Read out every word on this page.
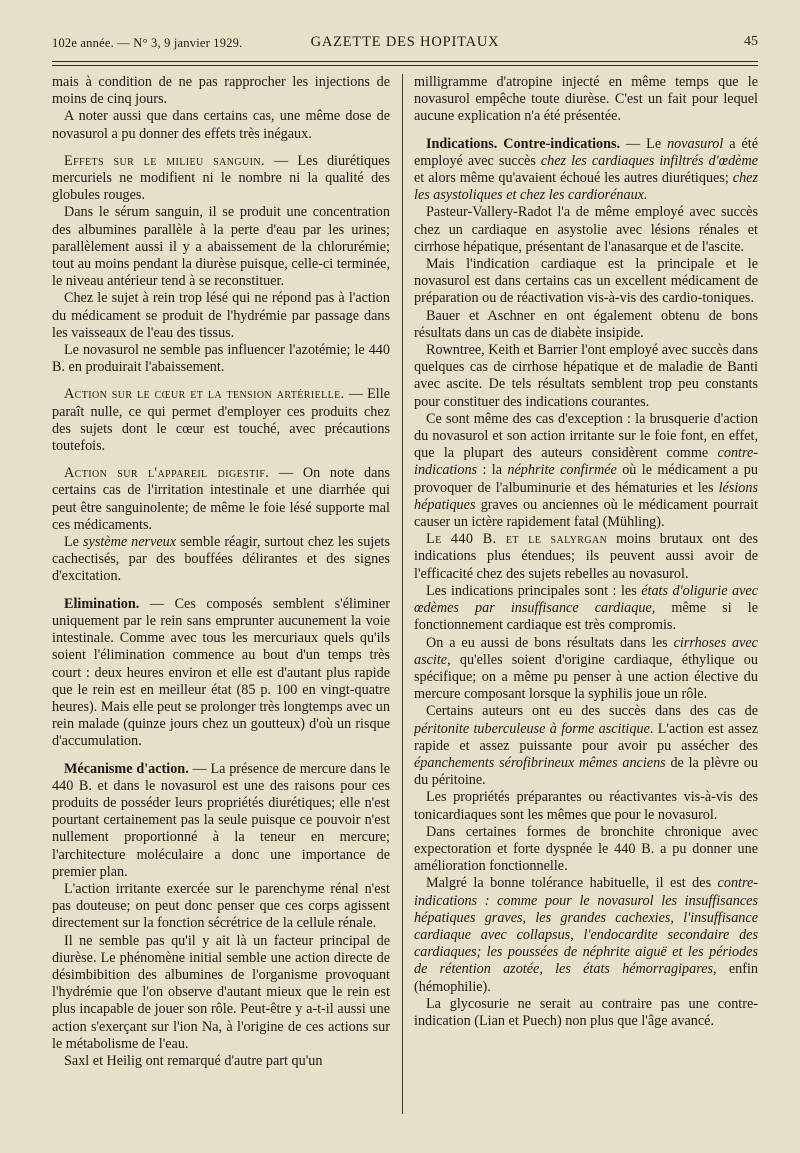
102e année. — N° 3, 9 janvier 1929.	GAZETTE DES HOPITAUX	45

mais à condition de ne pas rapprocher les injections de moins de cinq jours.

A noter aussi que dans certains cas, une même dose de novasurol a pu donner des effets très inégaux.

Effets sur le milieu sanguin. — Les diurétiques mercuriels ne modifient ni le nombre ni la qualité des globules rouges.

Dans le sérum sanguin, il se produit une concentration des albumines parallèle à la perte d'eau par les urines; parallèlement aussi il y a abaissement de la chlorurémie; tout au moins pendant la diurèse puisque, celle-ci terminée, le niveau antérieur tend à se reconstituer.

Chez le sujet à rein trop lésé qui ne répond pas à l'action du médicament se produit de l'hydrémie par passage dans les vaisseaux de l'eau des tissus.

Le novasurol ne semble pas influencer l'azotémie; le 440 B. en produirait l'abaissement.

Action sur le cœur et la tension artérielle. — Elle paraît nulle, ce qui permet d'employer ces produits chez des sujets dont le cœur est touché, avec précautions toutefois.

Action sur l'appareil digestif. — On note dans certains cas de l'irritation intestinale et une diarrhée qui peut être sanguinolente; de même le foie lésé supporte mal ces médicaments.

Le système nerveux semble réagir, surtout chez les sujets cachectisés, par des bouffées délirantes et des signes d'excitation.

Elimination. — Ces composés semblent s'éliminer uniquement par le rein sans emprunter aucunement la voie intestinale. Comme avec tous les mercuriaux quels qu'ils soient l'élimination commence au bout d'un temps très court : deux heures environ et elle est d'autant plus rapide que le rein est en meilleur état (85 p. 100 en vingt-quatre heures). Mais elle peut se prolonger très longtemps avec un rein malade (quinze jours chez un goutteux) d'où un risque d'accumulation.

Mécanisme d'action. — La présence de mercure dans le 440 B. et dans le novasurol est une des raisons pour ces produits de posséder leurs propriétés diurétiques; elle n'est pourtant certainement pas la seule puisque ce pouvoir n'est nullement proportionné à la teneur en mercure; l'architecture moléculaire a donc une importance de premier plan.

L'action irritante exercée sur le parenchyme rénal n'est pas douteuse; on peut donc penser que ces corps agissent directement sur la fonction sécrétrice de la cellule rénale.

Il ne semble pas qu'il y ait là un facteur principal de diurèse. Le phénomène initial semble une action directe de désimbibition des albumines de l'organisme provoquant l'hydrémie que l'on observe d'autant mieux que le rein est plus incapable de jouer son rôle. Peut-être y a-t-il aussi une action s'exerçant sur l'ion Na, à l'origine de ces actions sur le métabolisme de l'eau.

Saxl et Heilig ont remarqué d'autre part qu'un

milligramme d'atropine injecté en même temps que le novasurol empêche toute diurèse. C'est un fait pour lequel aucune explication n'a été présentée.

Indications. Contre-indications. — Le novasurol a été employé avec succès chez les cardiaques infiltrés d'œdème et alors même qu'avaient échoué les autres diurétiques; chez les asystoliques et chez les cardiorénaux.

Pasteur-Vallery-Radot l'a de même employé avec succès chez un cardiaque en asystolie avec lésions rénales et cirrhose hépatique, présentant de l'anasarque et de l'ascite.

Mais l'indication cardiaque est la principale et le novasurol est dans certains cas un excellent médicament de préparation ou de réactivation vis-à-vis des cardio-toniques.

Bauer et Aschner en ont également obtenu de bons résultats dans un cas de diabète insipide.

Rowntree, Keith et Barrier l'ont employé avec succès dans quelques cas de cirrhose hépatique et de maladie de Banti avec ascite. De tels résultats semblent trop peu constants pour constituer des indications courantes.

Ce sont même des cas d'exception : la brusquerie d'action du novasurol et son action irritante sur le foie font, en effet, que la plupart des auteurs considèrent comme contre-indications : la néphrite confirmée où le médicament a pu provoquer de l'albuminurie et des hématuries et les lésions hépatiques graves ou anciennes où le médicament pourrait causer un ictère rapidement fatal (Mühling).

Le 440 B. et le salyrgan moins brutaux ont des indications plus étendues; ils peuvent aussi avoir de l'efficacité chez des sujets rebelles au novasurol.

Les indications principales sont : les états d'oligurie avec œdèmes par insuffisance cardiaque, même si le fonctionnement cardiaque est très compromis.

On a eu aussi de bons résultats dans les cirrhoses avec ascite, qu'elles soient d'origine cardiaque, éthylique ou spécifique; on a même pu penser à une action élective du mercure composant lorsque la syphilis joue un rôle.

Certains auteurs ont eu des succès dans des cas de péritonite tuberculeuse à forme ascitique. L'action est assez rapide et assez puissante pour avoir pu assécher des épanchements sérofibrineux mêmes anciens de la plèvre ou du péritoine.

Les propriétés préparantes ou réactivantes vis-à-vis des tonicardiaques sont les mêmes que pour le novasurol.

Dans certaines formes de bronchite chronique avec expectoration et forte dyspnée le 440 B. a pu donner une amélioration fonctionnelle.

Malgré la bonne tolérance habituelle, il est des contre-indications : comme pour le novasurol les insuffisances hépatiques graves, les grandes cachexies, l'insuffisance cardiaque avec collapsus, l'endocardite secondaire des cardiaques; les poussées de néphrite aiguë et les périodes de rétention azotée, les états hémorragipares, enfin (hémophilie).

La glycosurie ne serait au contraire pas une contre-indication (Lian et Puech) non plus que l'âge avancé.
